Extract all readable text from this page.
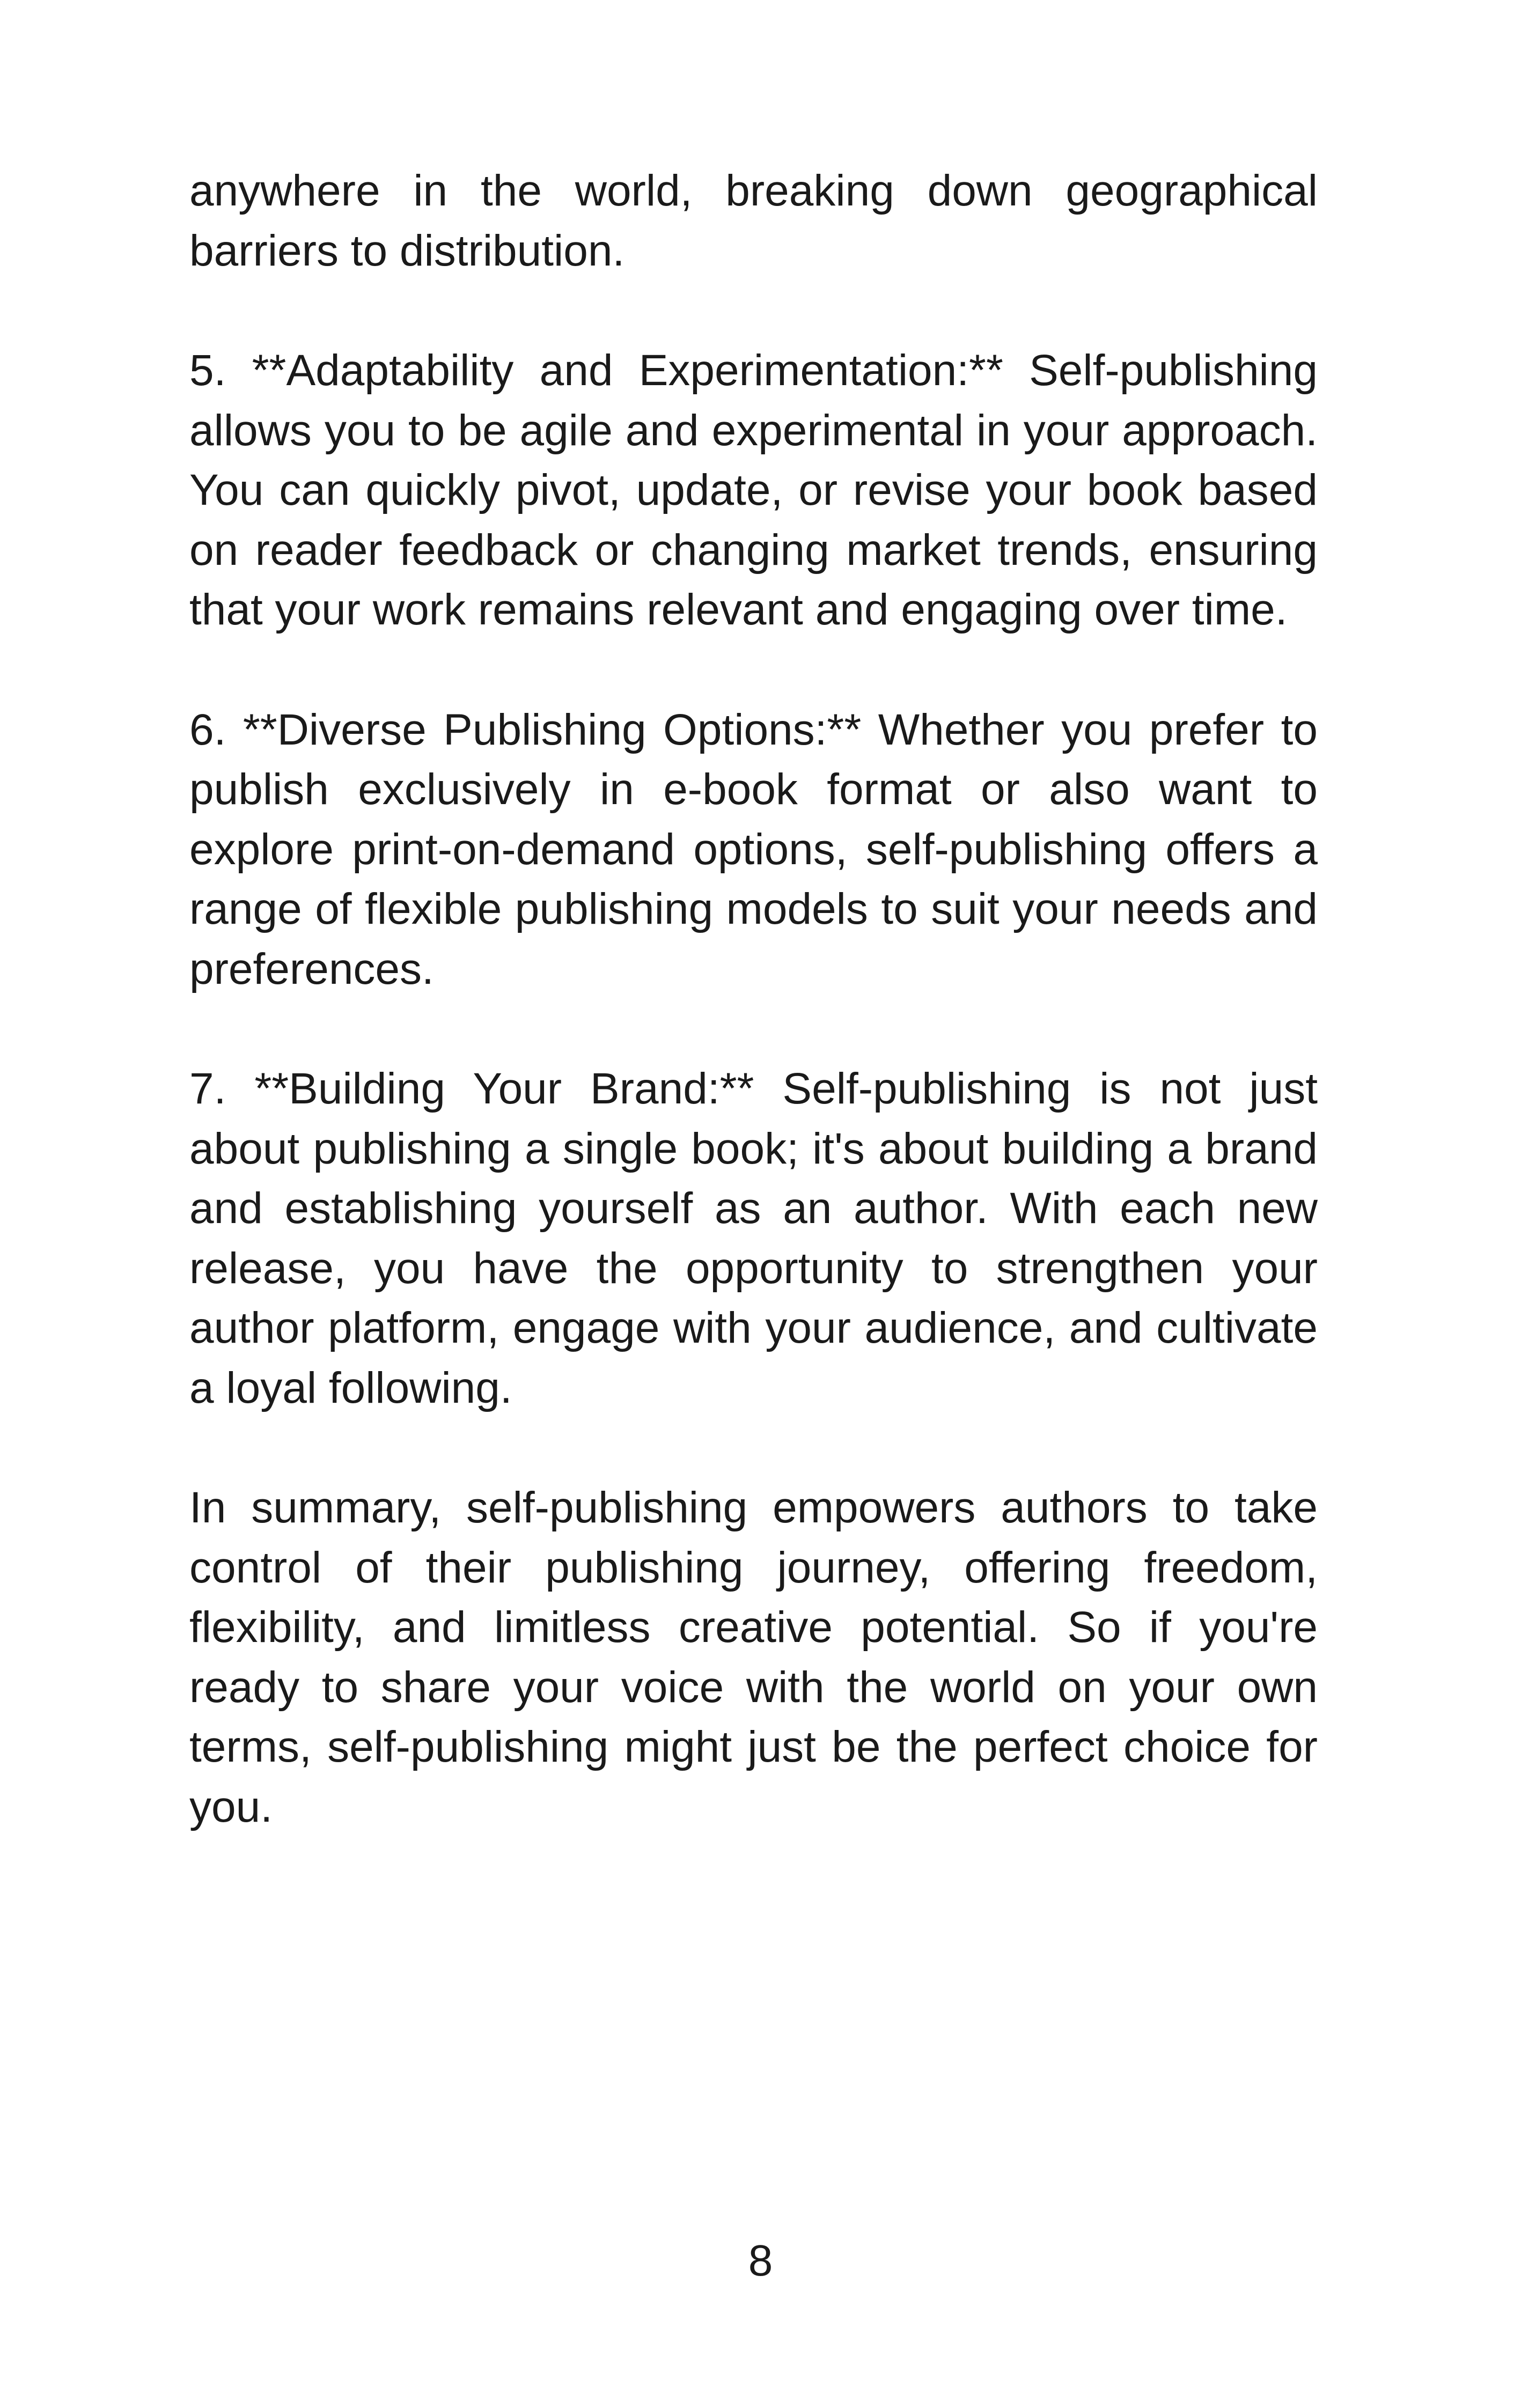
anywhere in the world, breaking down geographical barriers to distribution.

5. **Adaptability and Experimentation:** Self-publishing allows you to be agile and experimental in your approach. You can quickly pivot, update, or revise your book based on reader feedback or changing market trends, ensuring that your work remains relevant and engaging over time.

6. **Diverse Publishing Options:** Whether you prefer to publish exclusively in e-book format or also want to explore print-on-demand options, self-publishing offers a range of flexible publishing models to suit your needs and preferences.

7. **Building Your Brand:** Self-publishing is not just about publishing a single book; it's about building a brand and establishing yourself as an author. With each new release, you have the opportunity to strengthen your author platform, engage with your audience, and cultivate a loyal following.

In summary, self-publishing empowers authors to take control of their publishing journey, offering freedom, flexibility, and limitless creative potential. So if you're ready to share your voice with the world on your own terms, self-publishing might just be the perfect choice for you.

8
